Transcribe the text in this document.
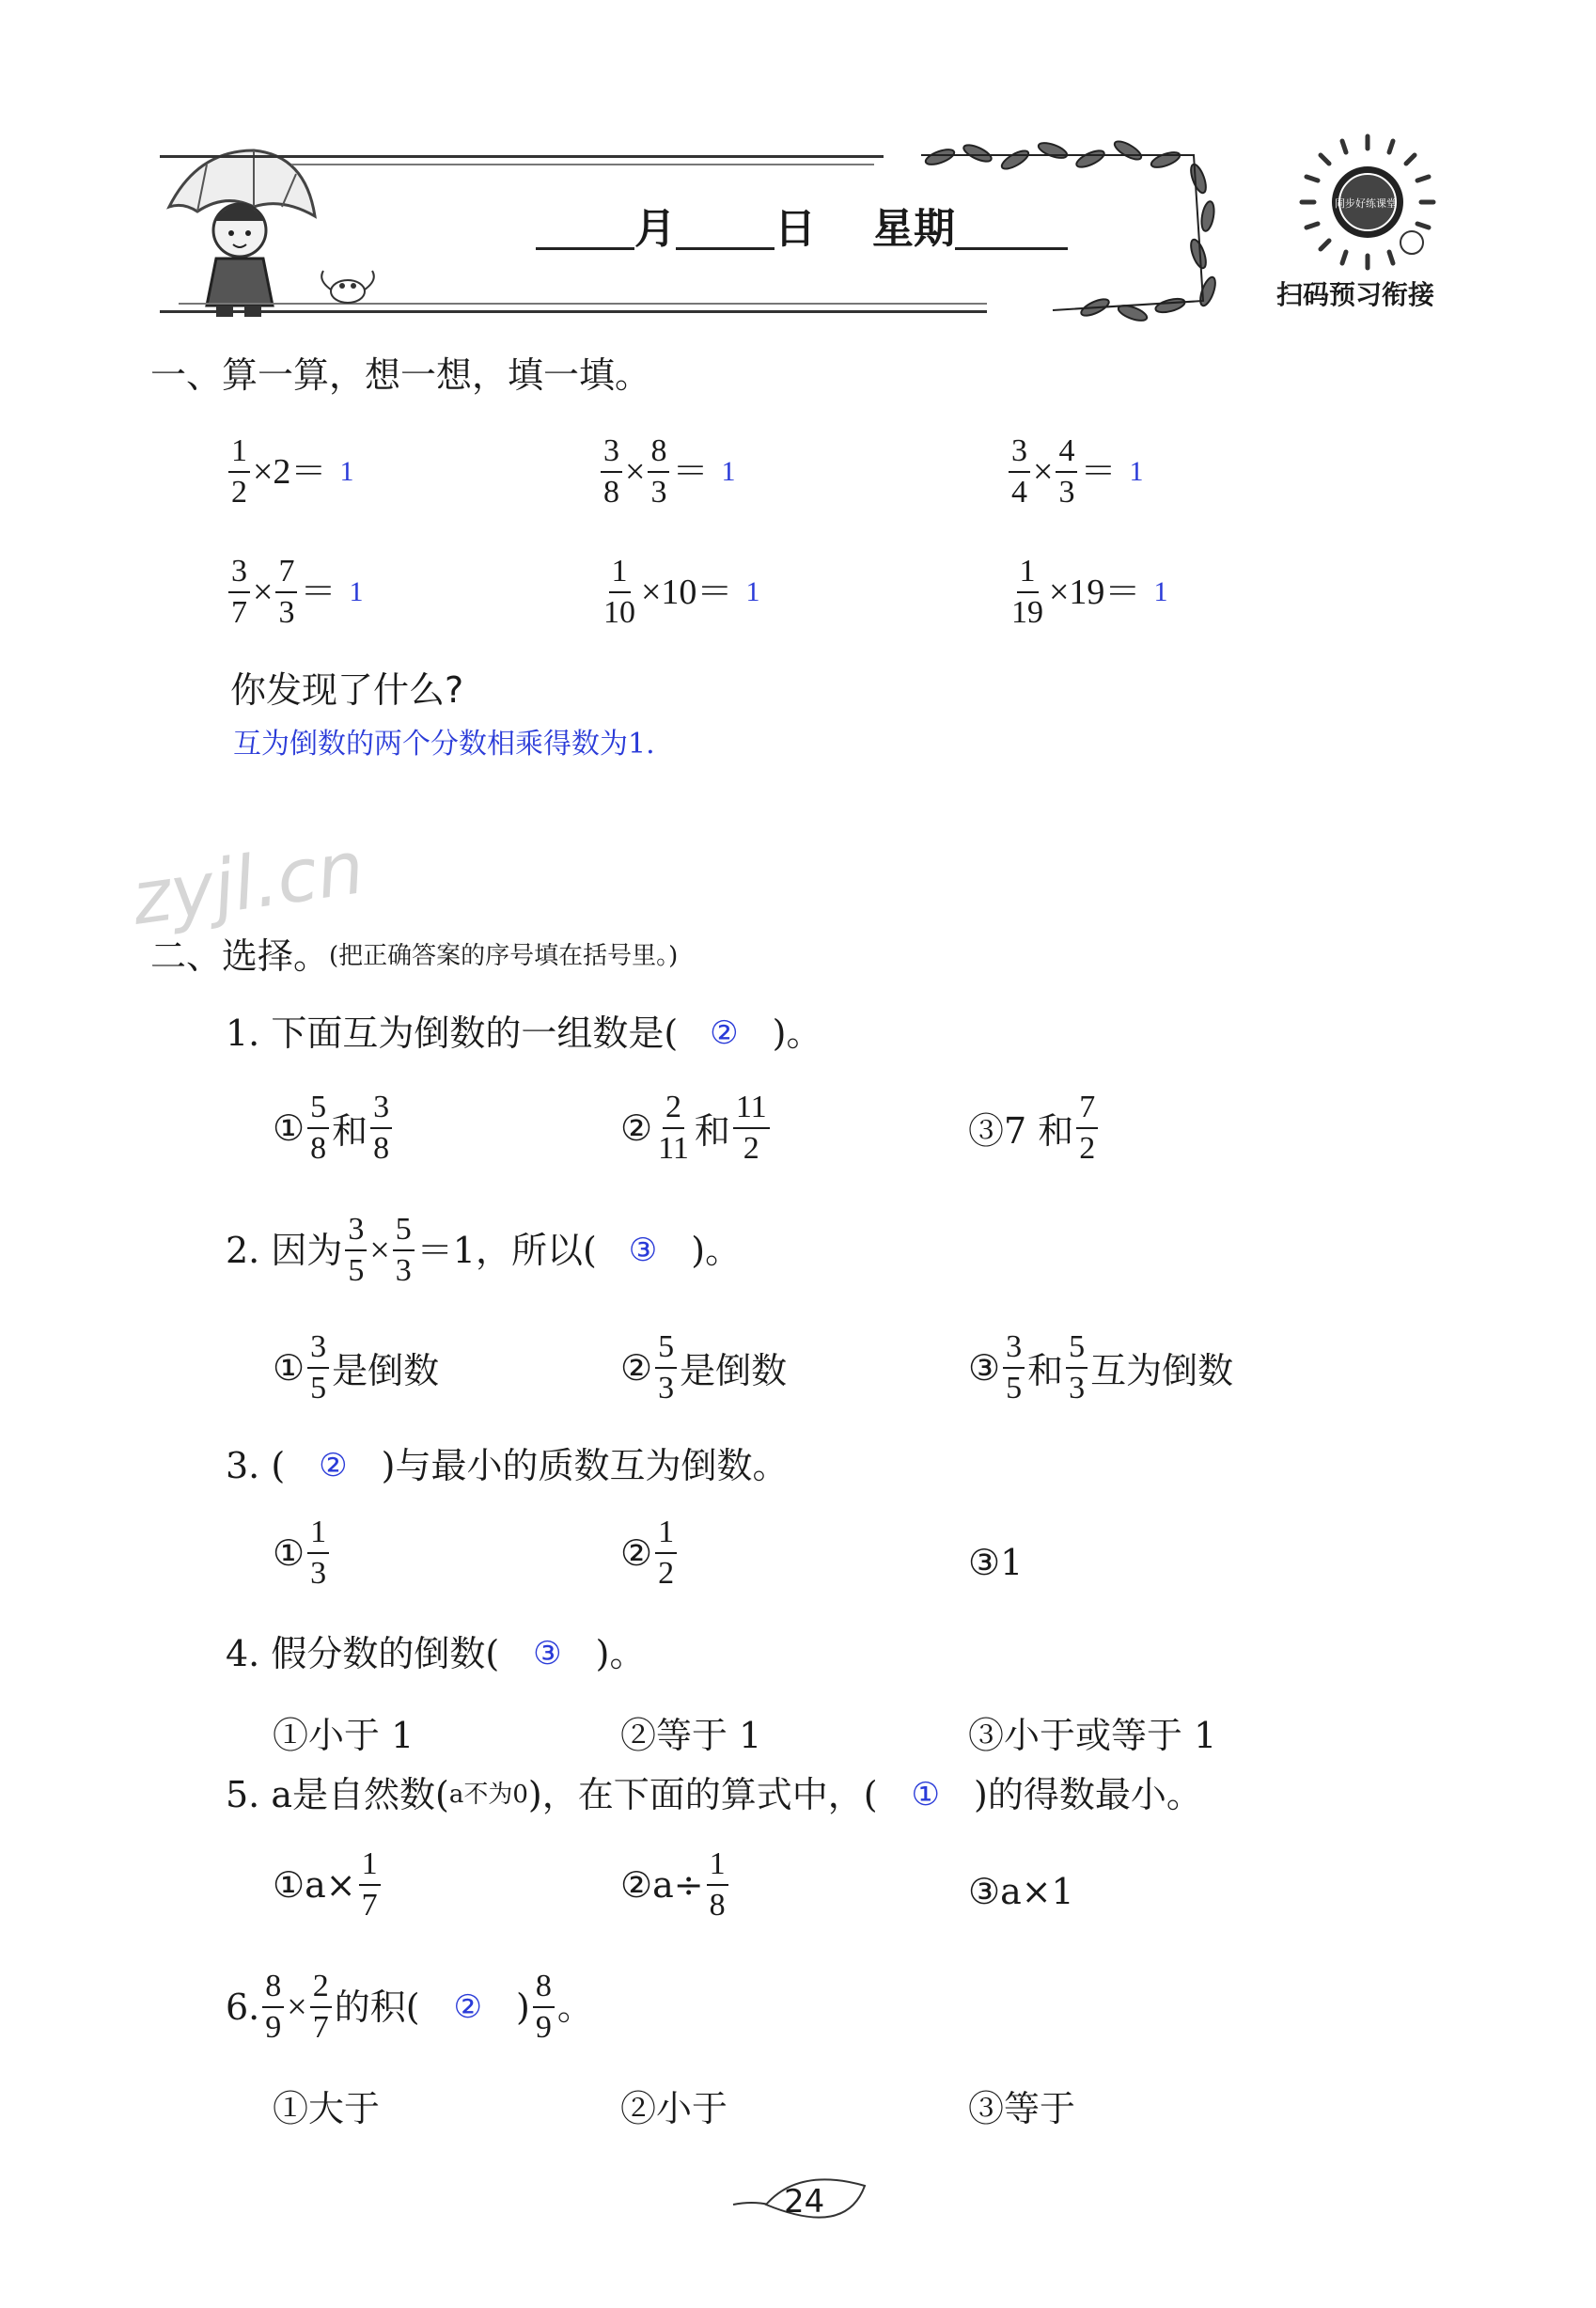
月 日 星期
同步好练课堂
扫码预习衔接
一、算一算，想一想，填一填。
$\frac{1}{2} \times 2= 1$	$\frac{3}{8} \times \frac{8}{3} = 1$	$\frac{3}{4} \times \frac{4}{3} = 1$
$\frac{3}{7} \times \frac{7}{3} = 1$	$\frac{1}{10} \times 10= 1$	$\frac{1}{19} \times 19= 1$
你发现了什么?
互为倒数的两个分数相乘得数为1.
zyjl.cn
二、选择。 (把正确答案的序号填在括号里。)
1. 下面互为倒数的一组数是( ② )。
① $\frac{5}{8}$ 和 $\frac{3}{8}$	② $\frac{2}{11}$ 和 $\frac{11}{2}$	③7 和 $\frac{7}{2}$
2. 因为 $\frac{3}{5} \times \frac{5}{3} =1$，所以( ③ )。
① $\frac{3}{5}$ 是倒数	② $\frac{5}{3}$ 是倒数	③ $\frac{3}{5}$ 和 $\frac{5}{3}$ 互为倒数
3. ( ② )与最小的质数互为倒数。
① $\frac{1}{3}$	② $\frac{1}{2}$	③1
4. 假分数的倒数( ③ )。
①小于 1	②等于 1	③小于或等于 1
5. a是自然数( a不为0 )，在下面的算式中，( ① )的得数最小。
①a× $\frac{1}{7}$	②a÷ $\frac{1}{8}$	③a×1
6. $\frac{8}{9} \times \frac{2}{7}$ 的积( ② ) $\frac{8}{9}$ 。
①大于	②小于	③等于
24
